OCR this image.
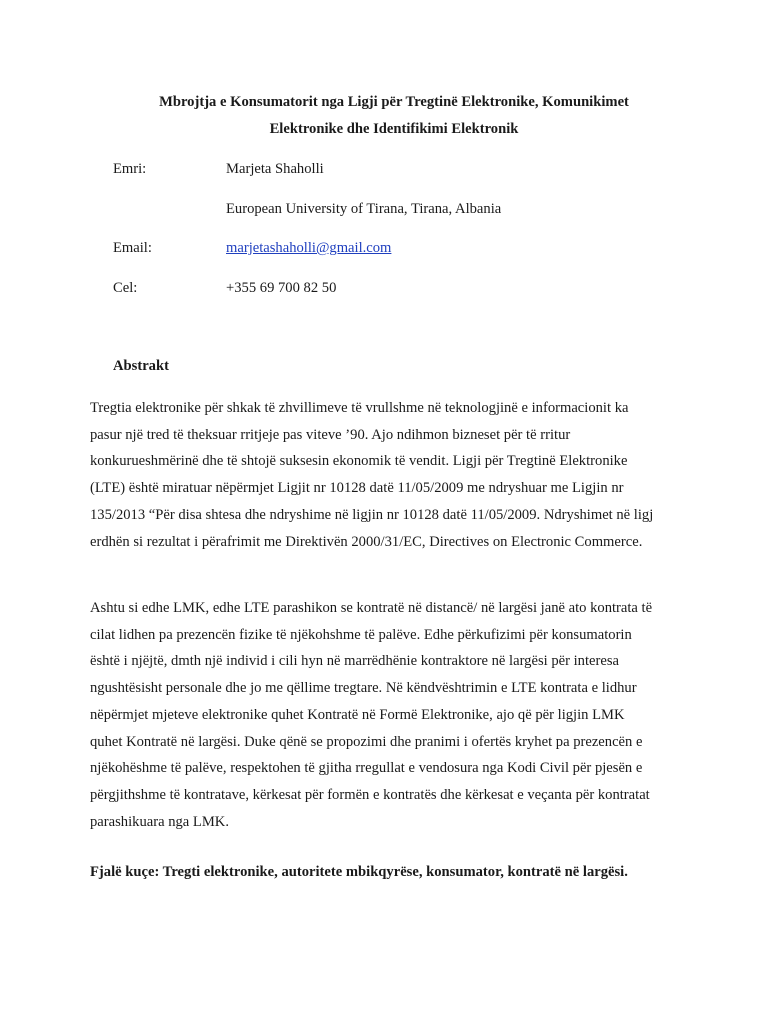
Mbrojtja e Konsumatorit nga Ligji për Tregtinë Elektronike, Komunikimet
Elektronike dhe Identifikimi Elektronik
Emri:	Marjeta Shaholli
European University of Tirana, Tirana, Albania
Email:	marjetashaholli@gmail.com
Cel:	+355 69 700 82 50
Abstrakt
Tregtia elektronike për shkak të zhvillimeve të vrullshme në teknologjinë e informacionit ka
pasur një tred të theksuar rritjeje pas viteve ’90. Ajo ndihmon bizneset për të rritur
konkurueshmërinë dhe të shtojë suksesin ekonomik të vendit. Ligji për Tregtinë Elektronike
(LTE) është miratuar nëpërmjet Ligjit nr 10128 datë 11/05/2009 me ndryshuar me Ligjin nr
135/2013 “Për disa shtesa dhe ndryshime në ligjin nr 10128 datë 11/05/2009. Ndryshimet në ligj
erdhën si rezultat i përafrimit me Direktivën 2000/31/EC, Directives on Electronic Commerce.
Ashtu si edhe LMK, edhe LTE parashikon se kontratë në distancë/ në largësi janë ato kontrata të
cilat lidhen pa prezencën fizike të njëkohshme të palëve. Edhe përkufizimi për konsumatorin
është i njëjtë, dmth një individ i cili hyn në marrëdhënie kontraktore në largësi për interesa
ngushtësisht personale dhe jo me qëllime tregtare. Në këndvështrimin e LTE kontrata e lidhur
nëpërmjet mjeteve elektronike quhet Kontratë në Formë Elektronike, ajo që për ligjin LMK
quhet Kontratë në largësi. Duke qënë se propozimi dhe pranimi i ofertës kryhet pa prezencën e
njëkohëshme të palëve, respektohen të gjitha rregullat e vendosura nga Kodi Civil për pjesën e
përgjithshme të kontratave, kërkesat për formën e kontratës dhe kërkesat e veçanta për kontratat
parashikuara nga LMK.
Fjalë kuçe: Tregti elektronike, autoritete mbikqyrëse, konsumator, kontratë në largësi.
